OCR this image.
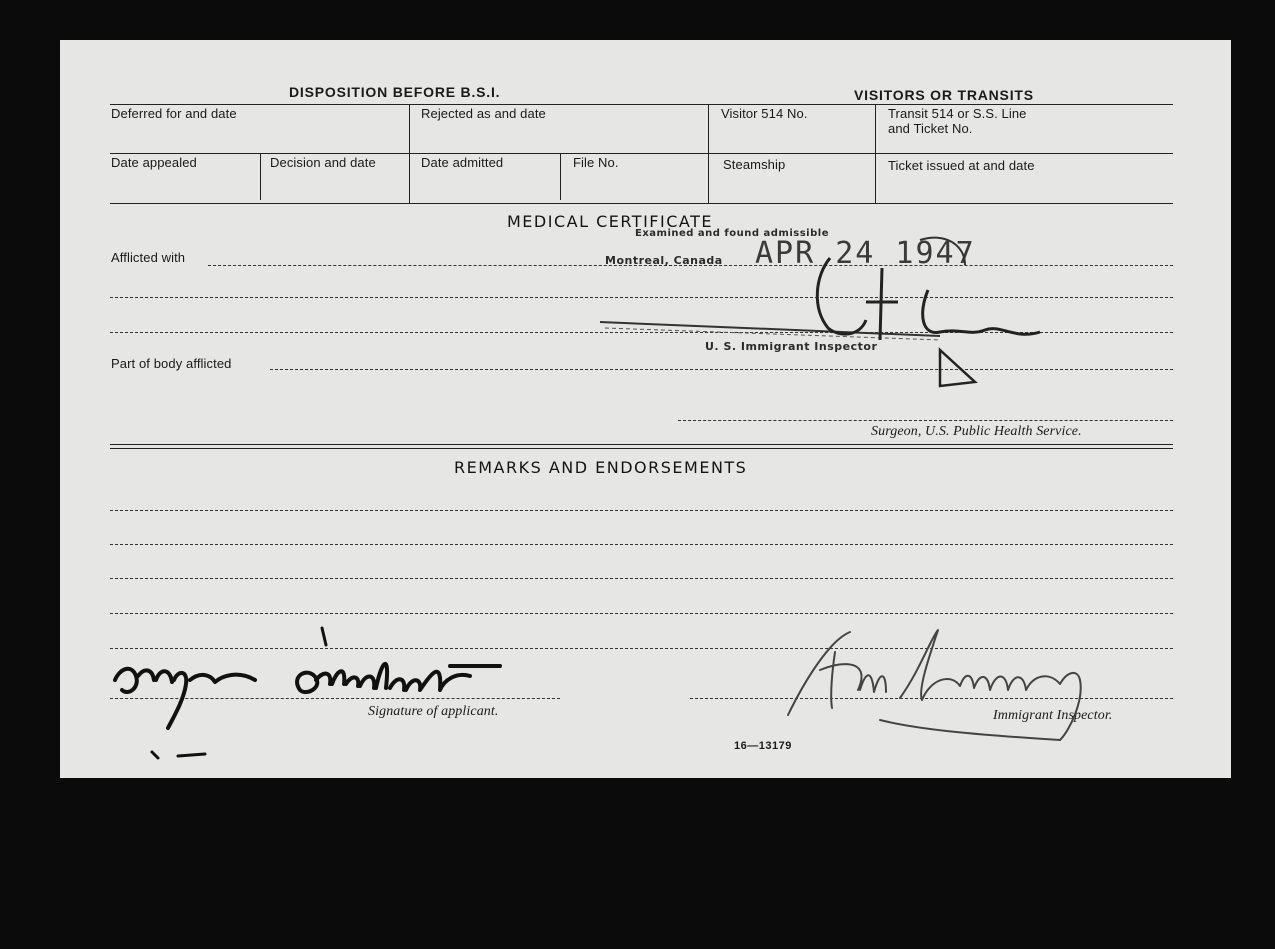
DISPOSITION BEFORE B.S.I.	VISITORS OR TRANSITS
Deferred for and date	Rejected as and date	Visitor 514 No.	Transit 514 or S.S. Line
and Ticket No.
Date appealed	Decision and date	Date admitted	File No.	Steamship	Ticket issued at and date
MEDICAL CERTIFICATE
Afflicted with
Part of body afflicted
Surgeon, U.S. Public Health Service.
Examined and found admissible
Montreal, Canada APR 24 1947
U. S. Immigrant Inspector
REMARKS AND ENDORSEMENTS
Signature of applicant.	Immigrant Inspector.
16—13179
